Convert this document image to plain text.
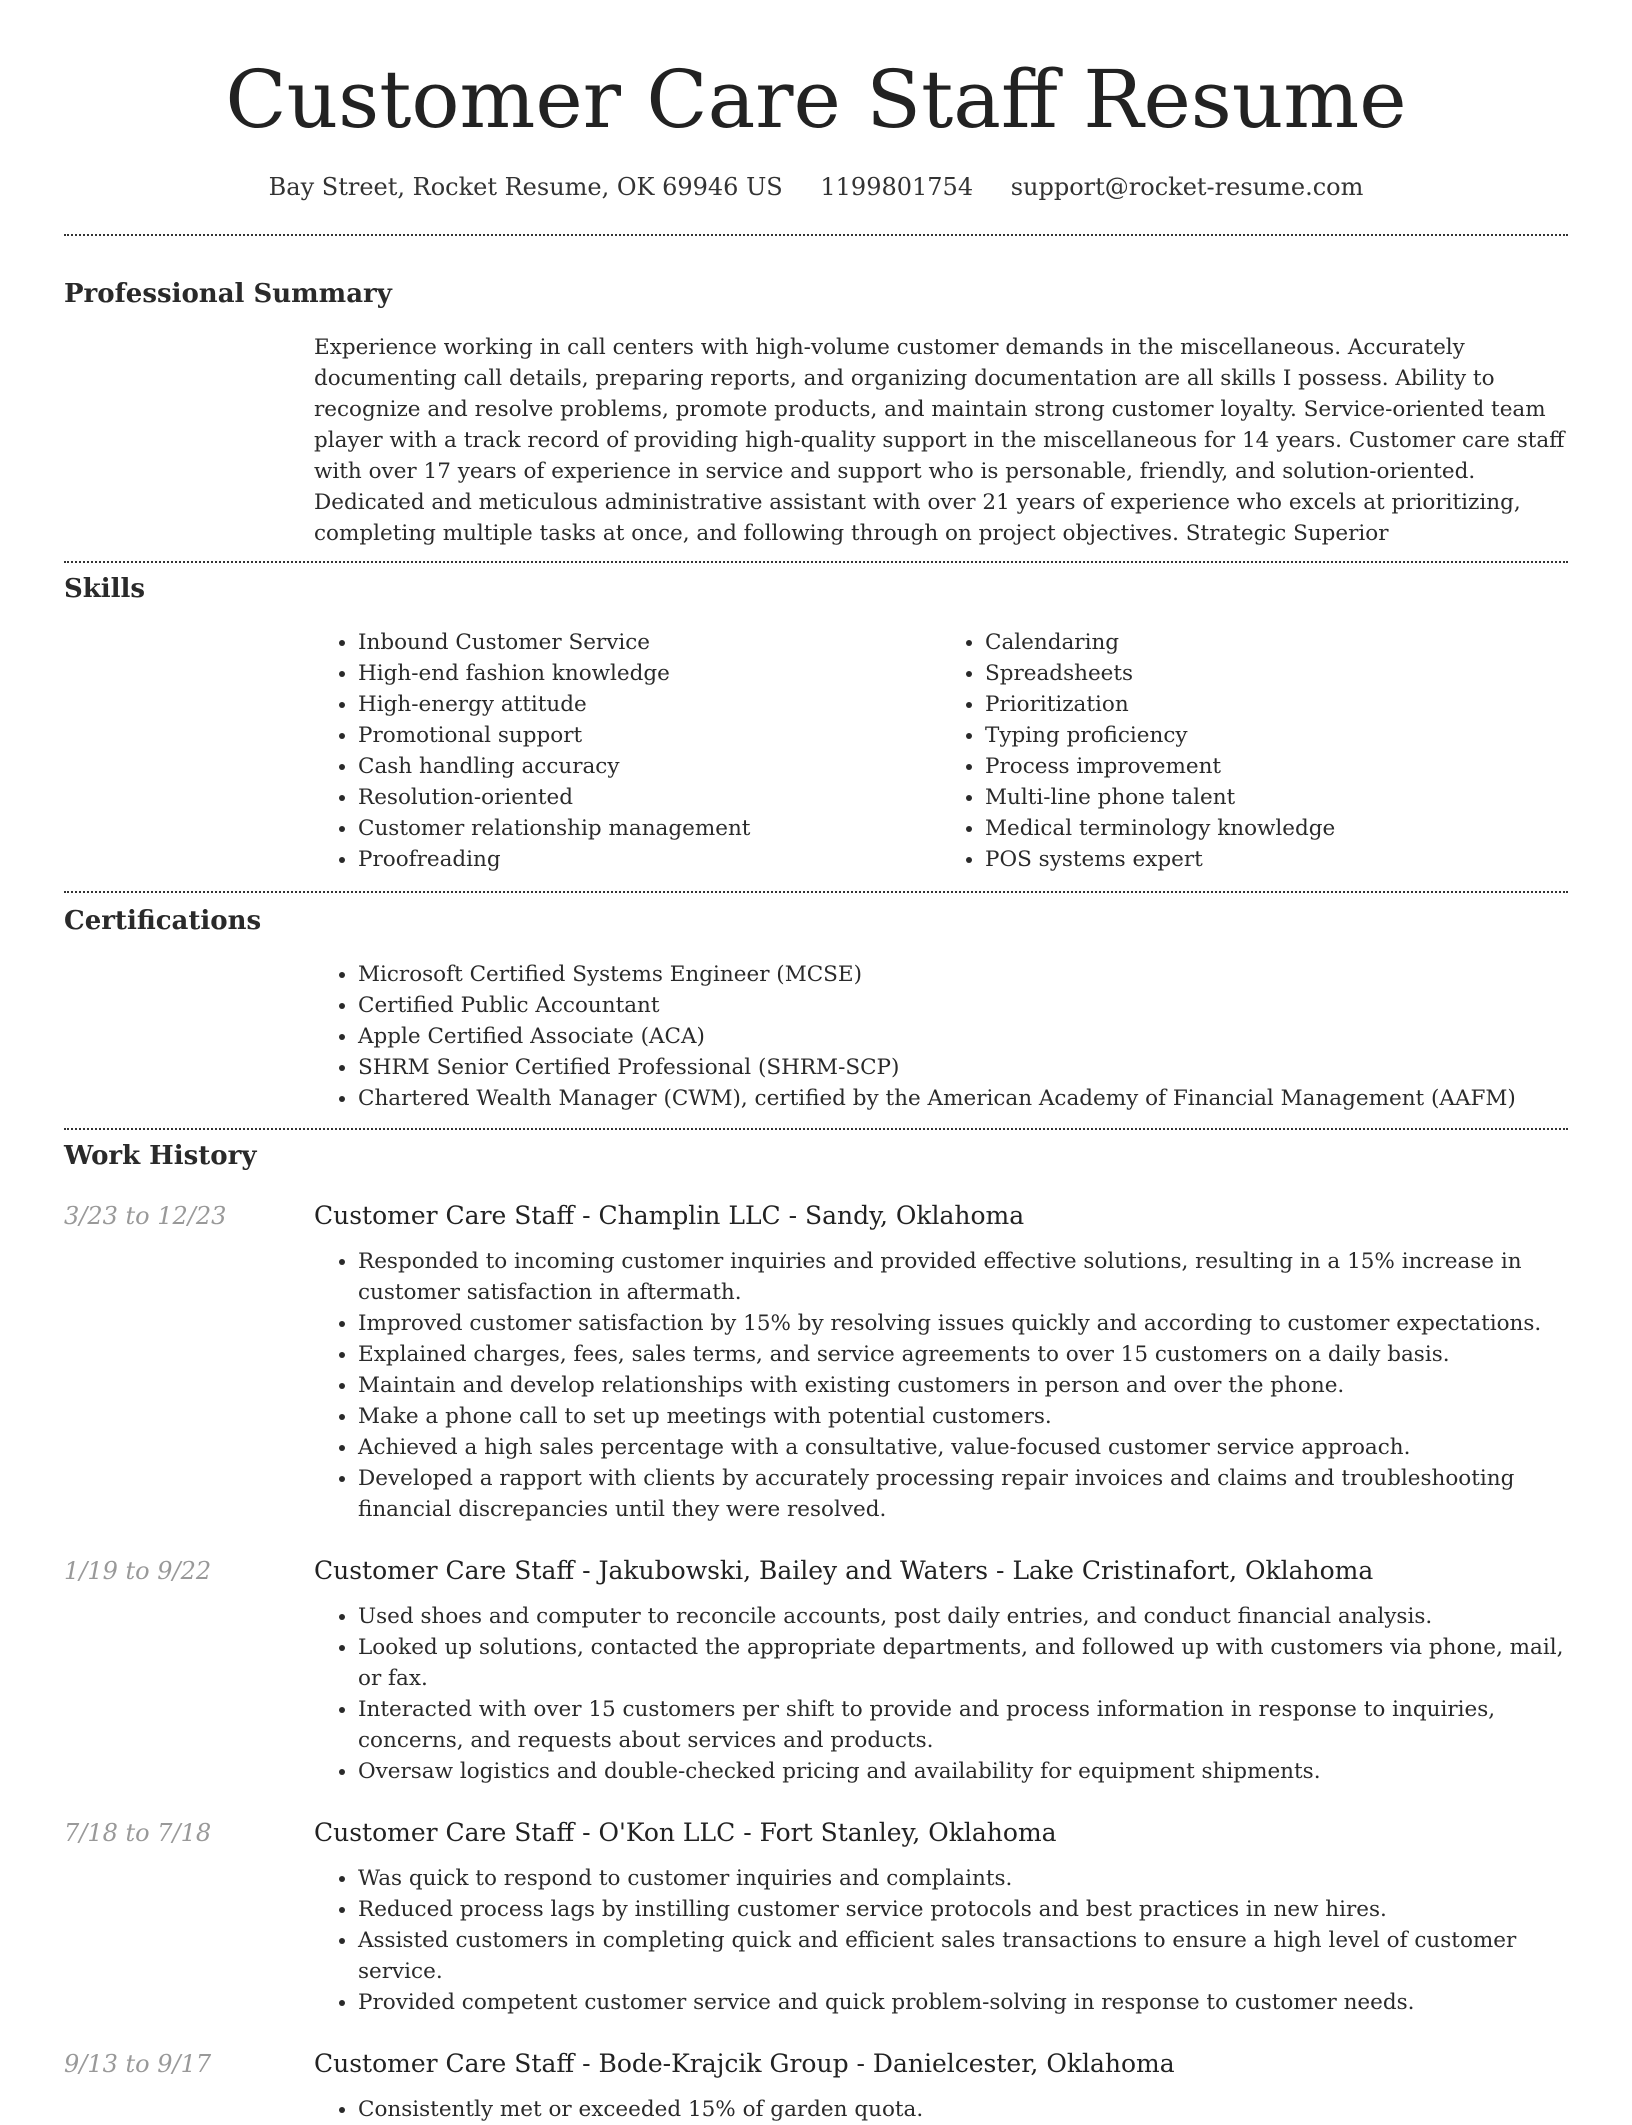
Customer Care Staff Resume
Bay Street, Rocket Resume, OK 69946 US 1199801754 support@rocket-resume.com
Professional Summary
Experience working in call centers with high-volume customer demands in the miscellaneous. Accurately documenting call details, preparing reports, and organizing documentation are all skills I possess. Ability to recognize and resolve problems, promote products, and maintain strong customer loyalty. Service-oriented team player with a track record of providing high-quality support in the miscellaneous for 14 years. Customer care staff with over 17 years of experience in service and support who is personable, friendly, and solution-oriented. Dedicated and meticulous administrative assistant with over 21 years of experience who excels at prioritizing, completing multiple tasks at once, and following through on project objectives. Strategic Superior
Skills
• Inbound Customer Service
• High-end fashion knowledge
• High-energy attitude
• Promotional support
• Cash handling accuracy
• Resolution-oriented
• Customer relationship management
• Proofreading
• Calendaring
• Spreadsheets
• Prioritization
• Typing proficiency
• Process improvement
• Multi-line phone talent
• Medical terminology knowledge
• POS systems expert
Certifications
• Microsoft Certified Systems Engineer (MCSE)
• Certified Public Accountant
• Apple Certified Associate (ACA)
• SHRM Senior Certified Professional (SHRM-SCP)
• Chartered Wealth Manager (CWM), certified by the American Academy of Financial Management (AAFM)
Work History
3/23 to 12/23	Customer Care Staff - Champlin LLC - Sandy, Oklahoma
• Responded to incoming customer inquiries and provided effective solutions, resulting in a 15% increase in customer satisfaction in aftermath.
• Improved customer satisfaction by 15% by resolving issues quickly and according to customer expectations.
• Explained charges, fees, sales terms, and service agreements to over 15 customers on a daily basis.
• Maintain and develop relationships with existing customers in person and over the phone.
• Make a phone call to set up meetings with potential customers.
• Achieved a high sales percentage with a consultative, value-focused customer service approach.
• Developed a rapport with clients by accurately processing repair invoices and claims and troubleshooting financial discrepancies until they were resolved.
1/19 to 9/22	Customer Care Staff - Jakubowski, Bailey and Waters - Lake Cristinafort, Oklahoma
• Used shoes and computer to reconcile accounts, post daily entries, and conduct financial analysis.
• Looked up solutions, contacted the appropriate departments, and followed up with customers via phone, mail, or fax.
• Interacted with over 15 customers per shift to provide and process information in response to inquiries, concerns, and requests about services and products.
• Oversaw logistics and double-checked pricing and availability for equipment shipments.
7/18 to 7/18	Customer Care Staff - O'Kon LLC - Fort Stanley, Oklahoma
• Was quick to respond to customer inquiries and complaints.
• Reduced process lags by instilling customer service protocols and best practices in new hires.
• Assisted customers in completing quick and efficient sales transactions to ensure a high level of customer service.
• Provided competent customer service and quick problem-solving in response to customer needs.
9/13 to 9/17	Customer Care Staff - Bode-Krajcik Group - Danielcester, Oklahoma
• Consistently met or exceeded 15% of garden quota.
